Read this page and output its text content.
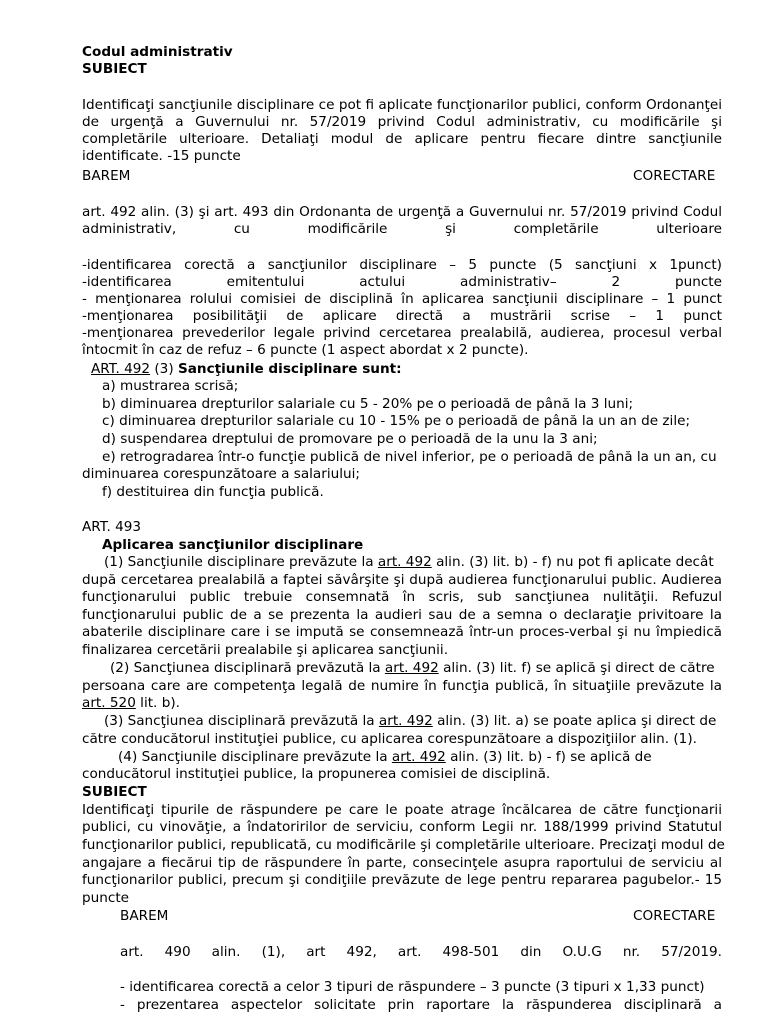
Codul administrativ
SUBIECT
Identificaţi sancţiunile disciplinare ce pot fi aplicate funcţionarilor publici, conform Ordonanţei
de urgenţă a Guvernului nr. 57/2019 privind Codul administrativ, cu modificările şi
completările ulterioare. Detaliaţi modul de aplicare pentru fiecare dintre sancţiunile
identificate. -15 puncte
BAREM	CORECTARE
art. 492 alin. (3) şi art. 493 din Ordonanta de urgenţă a Guvernului nr. 57/2019 privind Codul
administrativ, cu modificările şi completările ulterioare
-identificarea corectă a sancţiunilor disciplinare – 5 puncte (5 sancţiuni x 1punct)
-identificarea emitentului actului administrativ– 2 puncte
- menţionarea rolului comisiei de disciplină în aplicarea sancţiunii disciplinare – 1 punct
-menţionarea posibilităţii de aplicare directă a mustrării scrise – 1 punct
-menţionarea prevederilor legale privind cercetarea prealabilă, audierea, procesul verbal
întocmit în caz de refuz – 6 puncte (1 aspect abordat x 2 puncte).
ART. 492 (3) Sancţiunile disciplinare sunt:
a) mustrarea scrisă;
b) diminuarea drepturilor salariale cu 5 - 20% pe o perioadă de până la 3 luni;
c) diminuarea drepturilor salariale cu 10 - 15% pe o perioadă de până la un an de zile;
d) suspendarea dreptului de promovare pe o perioadă de la unu la 3 ani;
e) retrogradarea într-o funcţie publică de nivel inferior, pe o perioadă de până la un an, cu
diminuarea corespunzătoare a salariului;
f) destituirea din funcţia publică.
ART. 493
Aplicarea sancţiunilor disciplinare
(1) Sancţiunile disciplinare prevăzute la art. 492 alin. (3) lit. b) - f) nu pot fi aplicate decât
după cercetarea prealabilă a faptei săvârşite şi după audierea funcţionarului public. Audierea
funcţionarului public trebuie consemnată în scris, sub sancţiunea nulităţii. Refuzul
funcţionarului public de a se prezenta la audieri sau de a semna o declaraţie privitoare la
abaterile disciplinare care i se impută se consemnează într-un proces-verbal şi nu împiedică
finalizarea cercetării prealabile şi aplicarea sancţiunii.
(2) Sancţiunea disciplinară prevăzută la art. 492 alin. (3) lit. f) se aplică şi direct de către
persoana care are competenţa legală de numire în funcţia publică, în situaţiile prevăzute la
art. 520 lit. b).
(3) Sancţiunea disciplinară prevăzută la art. 492 alin. (3) lit. a) se poate aplica şi direct de
către conducătorul instituţiei publice, cu aplicarea corespunzătoare a dispoziţiilor alin. (1).
(4) Sancţiunile disciplinare prevăzute la art. 492 alin. (3) lit. b) - f) se aplică de
conducătorul instituţiei publice, la propunerea comisiei de disciplină.
SUBIECT
Identificaţi tipurile de răspundere pe care le poate atrage încălcarea de către funcţionarii
publici, cu vinovăţie, a îndatoririlor de serviciu, conform Legii nr. 188/1999 privind Statutul
funcţionarilor publici, republicată, cu modificările şi completările ulterioare. Precizaţi modul de
angajare a fiecărui tip de răspundere în parte, consecinţele asupra raportului de serviciu al
funcţionarilor publici, precum şi condiţiile prevăzute de lege pentru repararea pagubelor.- 15
puncte
BAREM	CORECTARE
art. 490 alin. (1), art 492, art. 498-501 din O.U.G nr. 57/2019.
- identificarea corectă a celor 3 tipuri de răspundere – 3 puncte (3 tipuri x 1,33 punct)
- prezentarea aspectelor solicitate prin raportare la răspunderea disciplinară a
